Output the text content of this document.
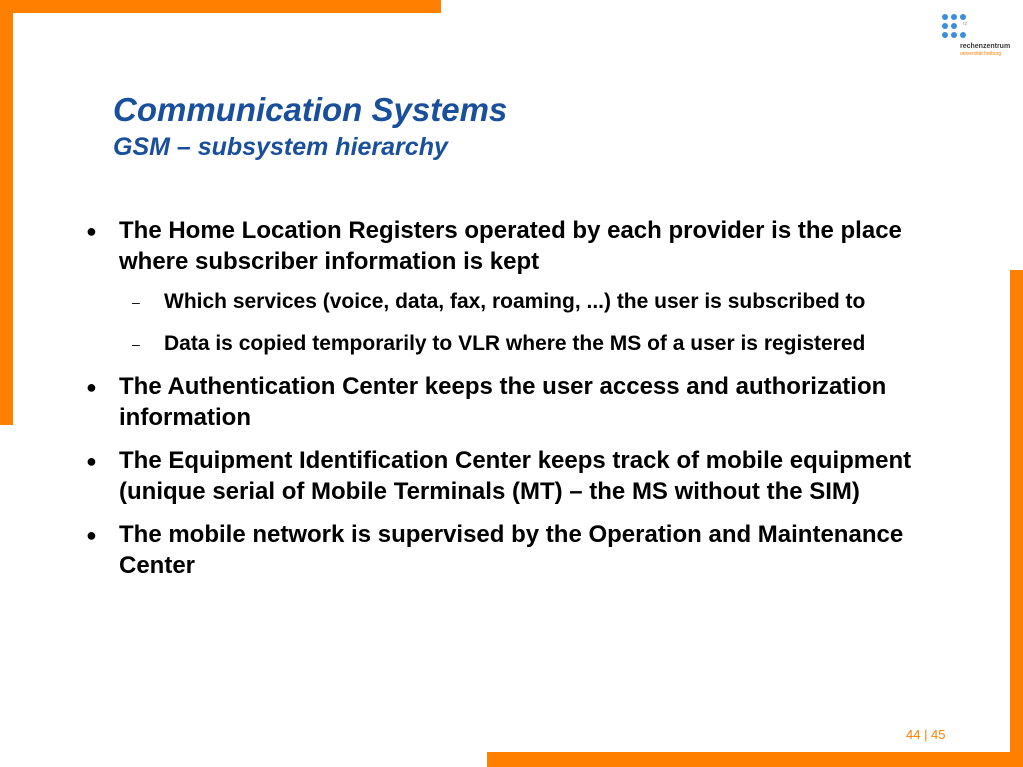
rz
rechenzentrum
universität freiburg
Communication Systems
GSM – subsystem hierarchy
● The Home Location Registers operated by each provider is the place where subscriber information is kept
– Which services (voice, data, fax, roaming, ...) the user is subscribed to
– Data is copied temporarily to VLR where the MS of a user is registered
● The Authentication Center keeps the user access and authorization information
● The Equipment Identification Center keeps track of mobile equipment (unique serial of Mobile Terminals (MT) – the MS without the SIM)
● The mobile network is supervised by the Operation and Maintenance Center
44 | 45
